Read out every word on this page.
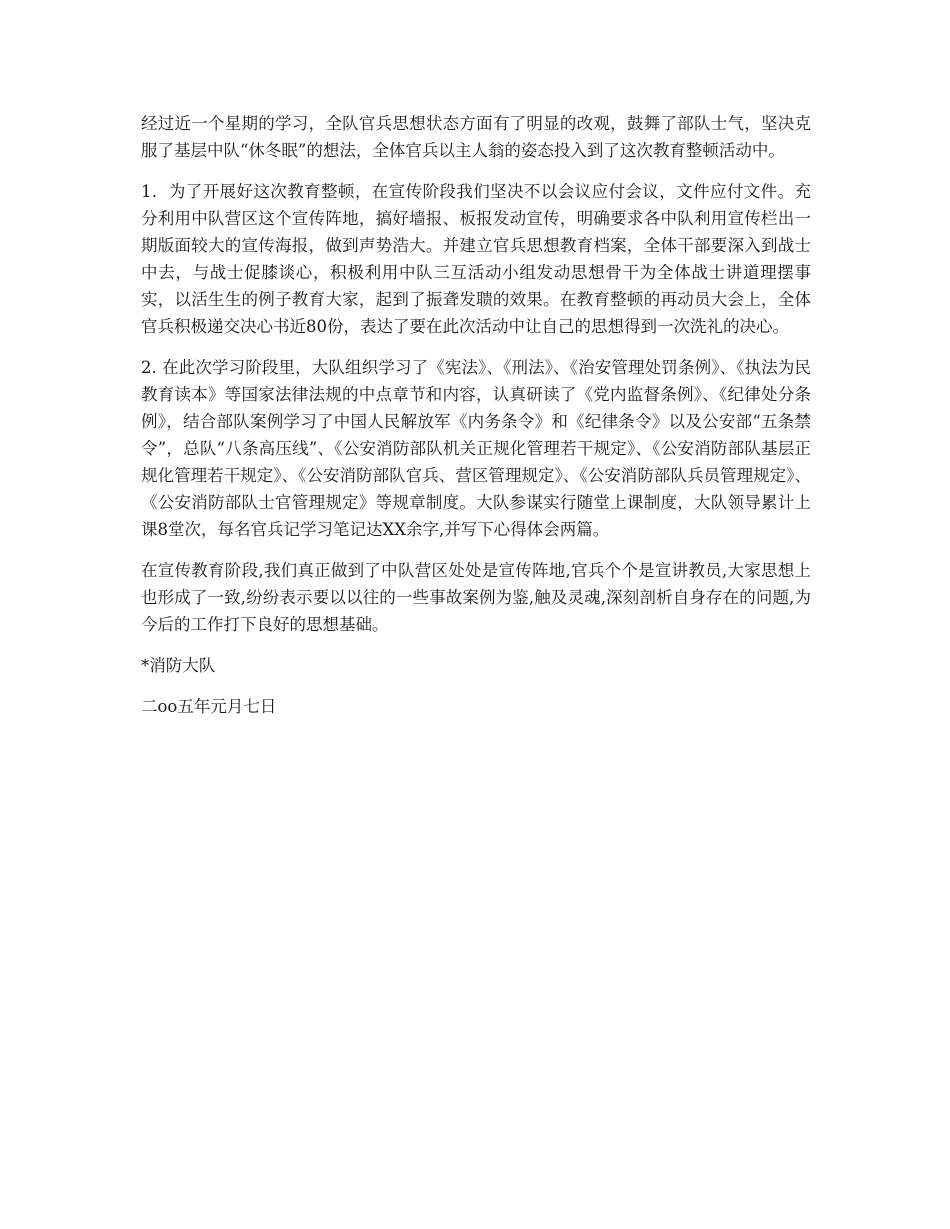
经过近一个星期的学习，全队官兵思想状态方面有了明显的改观，鼓舞了部队士气，坚决克服了基层中队“休冬眠”的想法，全体官兵以主人翁的姿态投入到了这次教育整顿活动中。

1．为了开展好这次教育整顿，在宣传阶段我们坚决不以会议应付会议，文件应付文件。充分利用中队营区这个宣传阵地，搞好墙报、板报发动宣传，明确要求各中队利用宣传栏出一期版面较大的宣传海报，做到声势浩大。并建立官兵思想教育档案，全体干部要深入到战士中去，与战士促膝谈心，积极利用中队三互活动小组发动思想骨干为全体战士讲道理摆事实，以活生生的例子教育大家，起到了振聋发聩的效果。在教育整顿的再动员大会上，全体官兵积极递交决心书近80份，表达了要在此次活动中让自己的思想得到一次洗礼的决心。

2. 在此次学习阶段里，大队组织学习了《宪法》、《刑法》、《治安管理处罚条例》、《执法为民教育读本》等国家法律法规的中点章节和内容，认真研读了《党内监督条例》、《纪律处分条例》，结合部队案例学习了中国人民解放军《内务条令》和《纪律条令》以及公安部“五条禁令”，总队“八条高压线”、《公安消防部队机关正规化管理若干规定》、《公安消防部队基层正规化管理若干规定》、《公安消防部队官兵、营区管理规定》、《公安消防部队兵员管理规定》、《公安消防部队士官管理规定》等规章制度。大队参谋实行随堂上课制度，大队领导累计上课8堂次，每名官兵记学习笔记达XX余字,并写下心得体会两篇。

在宣传教育阶段,我们真正做到了中队营区处处是宣传阵地,官兵个个是宣讲教员,大家思想上也形成了一致,纷纷表示要以以往的一些事故案例为鉴,触及灵魂,深刻剖析自身存在的问题,为今后的工作打下良好的思想基础。

*消防大队

二oo五年元月七日
